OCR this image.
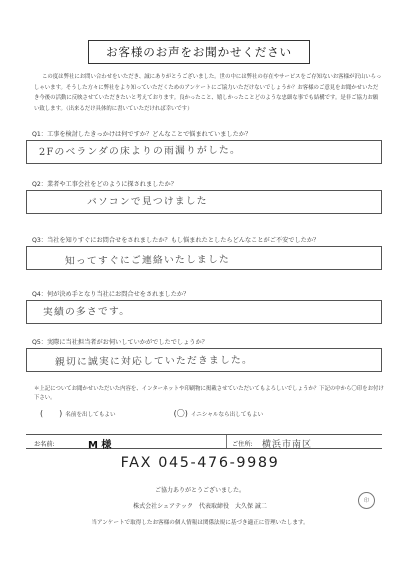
お客様のお声をお聞かせください

この度は弊社にお問い合わせをいただき、誠にありがとうございました。世の中には弊社の存在やサービスをご存知ないお客様が沢山いらっしゃいます。そうした方々に弊社をより知っていただくためのアンケートにご協力いただけないでしょうか？お客様のご意見をお聞かせいただき今後の活動に反映させていただきたいと考えております。良かったこと、嬉しかったことどのような忠細な事でも結構です。是非ご協力お願い致します。（出来るだけ具体的に書いていただければ幸いです）

Q1：工事を検討したきっかけは何ですか？どんなことで悩まれていましたか？
2Fのベランダの床よりの雨漏りがした。
Q2：業者や工事会社をどのように探されましたか？
パソコンで見つけました
Q3：当社を知りすぐにお問合せをされましたか？もし悩まれたとしたらどんなことがご不安でしたか？
知ってすぐにご連絡いたしました
Q4：何が決め手となり当社にお問合せをされましたか？
実績の多さです。
Q5：実際に当社担当者がお伺いしていかがでしたでしょうか？
親切に誠実に対応していただきました。
＊上記についてお聞かせいただいた内容を、インターネットや印刷物に掲載させていただいてもよろしいでしょうか？下記の中から〇印をお付け下さい。
(　　) 名前を出してもよい	(〇) イニシャルなら出してもよい
お名前:	M 様	ご住所: 横浜市南区
FAX 045-476-9989
ご協力ありがとうございました。
株式会社シェアテック　代表取締役　大久保 誠二
当アンケートで取得したお客様の個人情報は関係法規に基づき適正に管理いたします。
印
